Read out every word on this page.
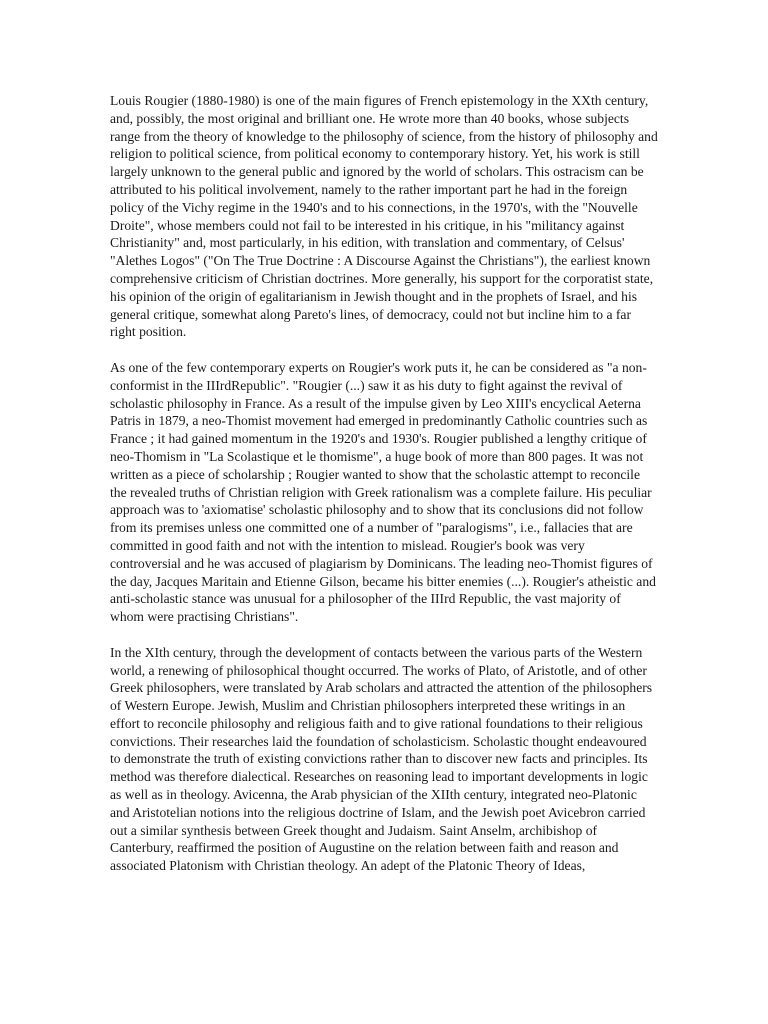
Louis Rougier (1880-1980) is one of the main figures of French epistemology in the XXth century, and, possibly, the most original and brilliant one. He wrote more than 40 books, whose subjects range from the theory of knowledge to the philosophy of science, from the history of philosophy and religion to political science, from political economy to contemporary history. Yet, his work is still largely unknown to the general public and ignored by the world of scholars. This ostracism can be attributed to his political involvement, namely to the rather important part he had in the foreign policy of the Vichy regime in the 1940's and to his connections, in the 1970's, with the "Nouvelle Droite", whose members could not fail to be interested in his critique, in his "militancy against Christianity" and, most particularly, in his edition, with translation and commentary, of Celsus' "Alethes Logos" ("On The True Doctrine : A Discourse Against the Christians"), the earliest known comprehensive criticism of Christian doctrines. More generally, his support for the corporatist state, his opinion of the origin of egalitarianism in Jewish thought and in the prophets of Israel, and his general critique, somewhat along Pareto's lines, of democracy, could not but incline him to a far right position.

As one of the few contemporary experts on Rougier's work puts it, he can be considered as "a non-conformist in the IIIrdRepublic". "Rougier (...) saw it as his duty to fight against the revival of scholastic philosophy in France. As a result of the impulse given by Leo XIII's encyclical Aeterna Patris in 1879, a neo-Thomist movement had emerged in predominantly Catholic countries such as France ; it had gained momentum in the 1920's and 1930's. Rougier published a lengthy critique of neo-Thomism in "La Scolastique et le thomisme", a huge book of more than 800 pages. It was not written as a piece of scholarship ; Rougier wanted to show that the scholastic attempt to reconcile the revealed truths of Christian religion with Greek rationalism was a complete failure. His peculiar approach was to 'axiomatise' scholastic philosophy and to show that its conclusions did not follow from its premises unless one committed one of a number of "paralogisms", i.e., fallacies that are committed in good faith and not with the intention to mislead. Rougier's book was very controversial and he was accused of plagiarism by Dominicans. The leading neo-Thomist figures of the day, Jacques Maritain and Etienne Gilson, became his bitter enemies (...). Rougier's atheistic and anti-scholastic stance was unusual for a philosopher of the IIIrd Republic, the vast majority of whom were practising Christians".

In the XIth century, through the development of contacts between the various parts of the Western world, a renewing of philosophical thought occurred. The works of Plato, of Aristotle, and of other Greek philosophers, were translated by Arab scholars and attracted the attention of the philosophers of Western Europe. Jewish, Muslim and Christian philosophers interpreted these writings in an effort to reconcile philosophy and religious faith and to give rational foundations to their religious convictions. Their researches laid the foundation of scholasticism. Scholastic thought endeavoured to demonstrate the truth of existing convictions rather than to discover new facts and principles. Its method was therefore dialectical. Researches on reasoning lead to important developments in logic as well as in theology. Avicenna, the Arab physician of the XIIth century, integrated neo-Platonic and Aristotelian notions into the religious doctrine of Islam, and the Jewish poet Avicebron carried out a similar synthesis between Greek thought and Judaism. Saint Anselm, archibishop of Canterbury, reaffirmed the position of Augustine on the relation between faith and reason and associated Platonism with Christian theology. An adept of the Platonic Theory of Ideas,
